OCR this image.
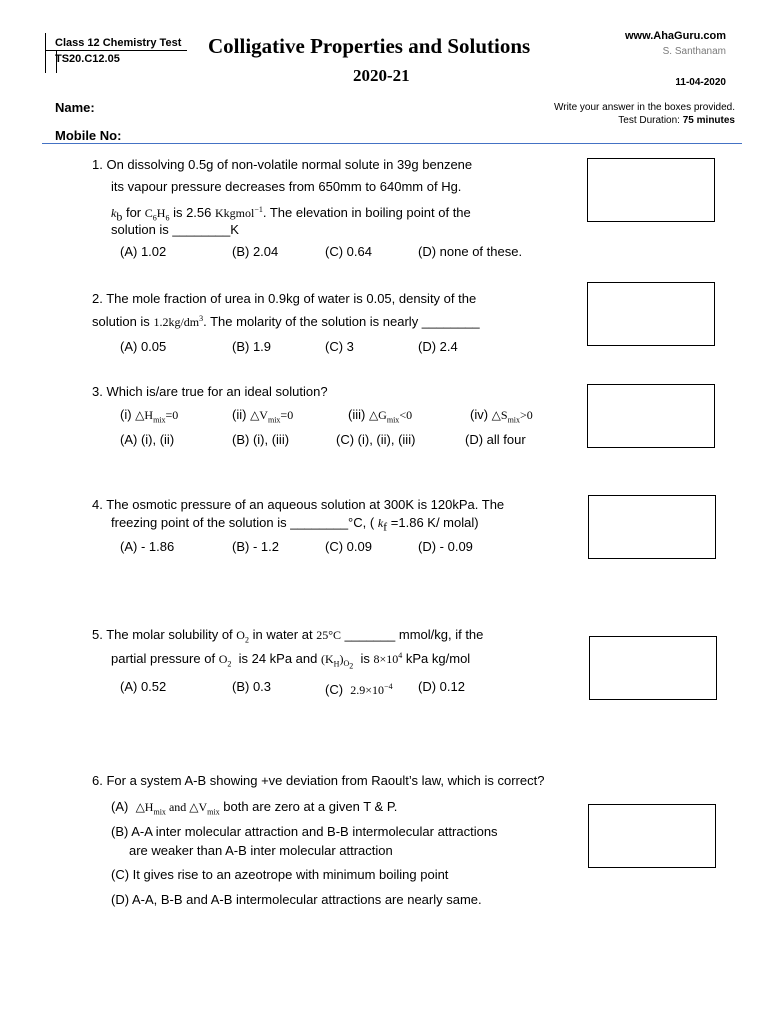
Class 12 Chemistry Test
TS20.C12.05
Colligative Properties and Solutions
2020-21
www.AhaGuru.com
S. Santhanam
11-04-2020
Name:
Mobile No:
Write your answer in the boxes provided.
Test Duration: 75 minutes
1. On dissolving 0.5g of non-volatile normal solute in 39g benzene
its vapour pressure decreases from 650mm to 640mm of Hg.
$k_b$ for $C_6H_6$ is 2.56 Kkgmol$^{-1}$. The elevation in boiling point of the
solution is ________K
(A) 1.02	(B) 2.04	(C) 0.64	(D) none of these.
2. The mole fraction of urea in 0.9kg of water is 0.05, density of the
solution is $1.2kg/dm^3$. The molarity of the solution is nearly ________
(A) 0.05	(B) 1.9	(C) 3	(D) 2.4
3. Which is/are true for an ideal solution?
(i) $\triangle H_{mix}=0$	(ii) $\triangle V_{mix}=0$	(iii) $\triangle G_{mix}<0$	(iv) $\triangle S_{mix}>0$
(A) (i), (ii)	(B) (i), (iii)	(C) (i), (ii), (iii)	(D) all four
4. The osmotic pressure of an aqueous solution at 300K is 120kPa. The
freezing point of the solution is ________°C, ( $k_f =1.86$ K/ molal)
(A) - 1.86	(B) - 1.2	(C) 0.09	(D) - 0.09
5. The molar solubility of $O_2$ in water at 25°C _______ mmol/kg, if the
partial pressure of $O_2$ is 24 kPa and $(K_H)_{O_2}$  is $8\times 10^4$ kPa kg/mol
(A) 0.52	(B) 0.3	(C) $2.9\times 10^{-4}$ (D) 0.12
6. For a system A-B showing +ve deviation from Raoult’s law, which is correct?
(A) $\triangle H_{mix}$ and $\triangle V_{mix}$ both are zero at a given T & P.
(B) A-A inter molecular attraction and B-B intermolecular attractions
are weaker than A-B inter molecular attraction
(C) It gives rise to an azeotrope with minimum boiling point
(D) A-A, B-B and A-B intermolecular attractions are nearly same.
